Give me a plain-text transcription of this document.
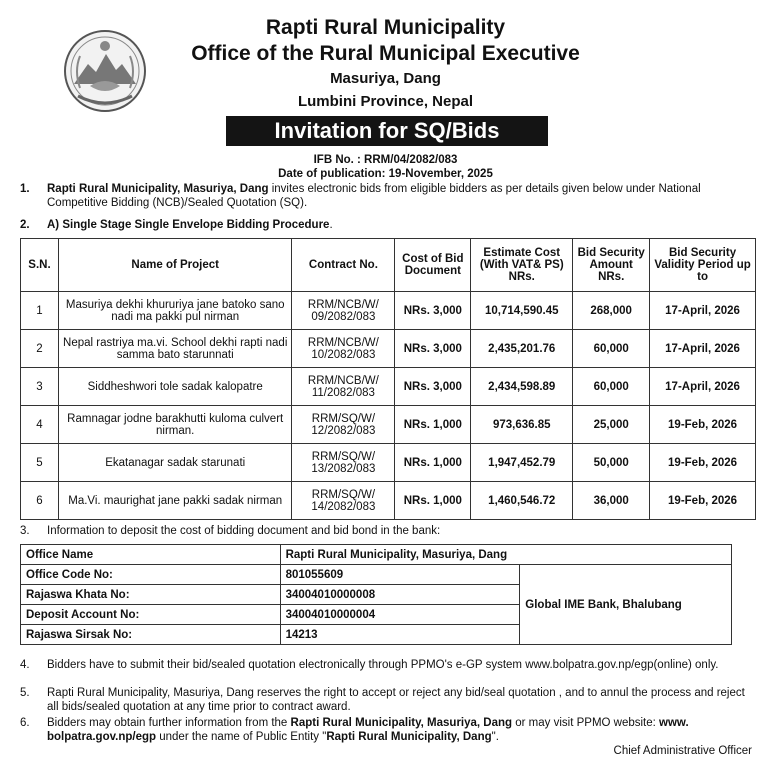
Rapti Rural Municipality
Office of the Rural Municipal Executive
Masuriya, Dang
Lumbini Province, Nepal
Invitation for SQ/Bids
IFB No. : RRM/04/2082/083
Date of publication: 19-November, 2025
1. Rapti Rural Municipality, Masuriya, Dang invites electronic bids from eligible bidders as per details given below under National Competitive Bidding (NCB)/Sealed Quotation (SQ).
2. A) Single Stage Single Envelope Bidding Procedure.
S.N.	Name of Project	Contract No.	Cost of Bid Document	Estimate Cost (With VAT& PS) NRs.	Bid Security Amount NRs.	Bid Security Validity Period up to
1	Masuriya dekhi khururiya jane batoko sano nadi ma pakki pul nirman	RRM/NCB/W/ 09/2082/083	NRs. 3,000	10,714,590.45	268,000	17-April, 2026
2	Nepal rastriya ma.vi. School dekhi rapti nadi samma bato starunnati	RRM/NCB/W/ 10/2082/083	NRs. 3,000	2,435,201.76	60,000	17-April, 2026
3	Siddheshwori tole sadak kalopatre	RRM/NCB/W/ 11/2082/083	NRs. 3,000	2,434,598.89	60,000	17-April, 2026
4	Ramnagar jodne barakhutti kuloma culvert nirman.	RRM/SQ/W/ 12/2082/083	NRs. 1,000	973,636.85	25,000	19-Feb, 2026
5	Ekatanagar sadak starunati	RRM/SQ/W/ 13/2082/083	NRs. 1,000	1,947,452.79	50,000	19-Feb, 2026
6	Ma.Vi. maurighat jane pakki sadak nirman	RRM/SQ/W/ 14/2082/083	NRs. 1,000	1,460,546.72	36,000	19-Feb, 2026
3. Information to deposit the cost of bidding document and bid bond in the bank:
Office Name	Rapti Rural Municipality, Masuriya, Dang	
Office Code No:	801055609	Global IME Bank, Bhalubang
Rajaswa Khata No:	34004010000008	
Deposit Account No:	34004010000004	
Rajaswa Sirsak No:	14213	
4. Bidders have to submit their bid/sealed quotation electronically through PPMO's e-GP system www.bolpatra.gov.np/egp(online) only.
5. Rapti Rural Municipality, Masuriya, Dang reserves the right to accept or reject any bid/seal quotation , and to annul the process and reject all bids/sealed quotation at any time prior to contract award.
6. Bidders may obtain further information from the Rapti Rural Municipality, Masuriya, Dang or may visit PPMO website: www. bolpatra.gov.np/egp under the name of Public Entity "Rapti Rural Municipality, Dang".
Chief Administrative Officer
